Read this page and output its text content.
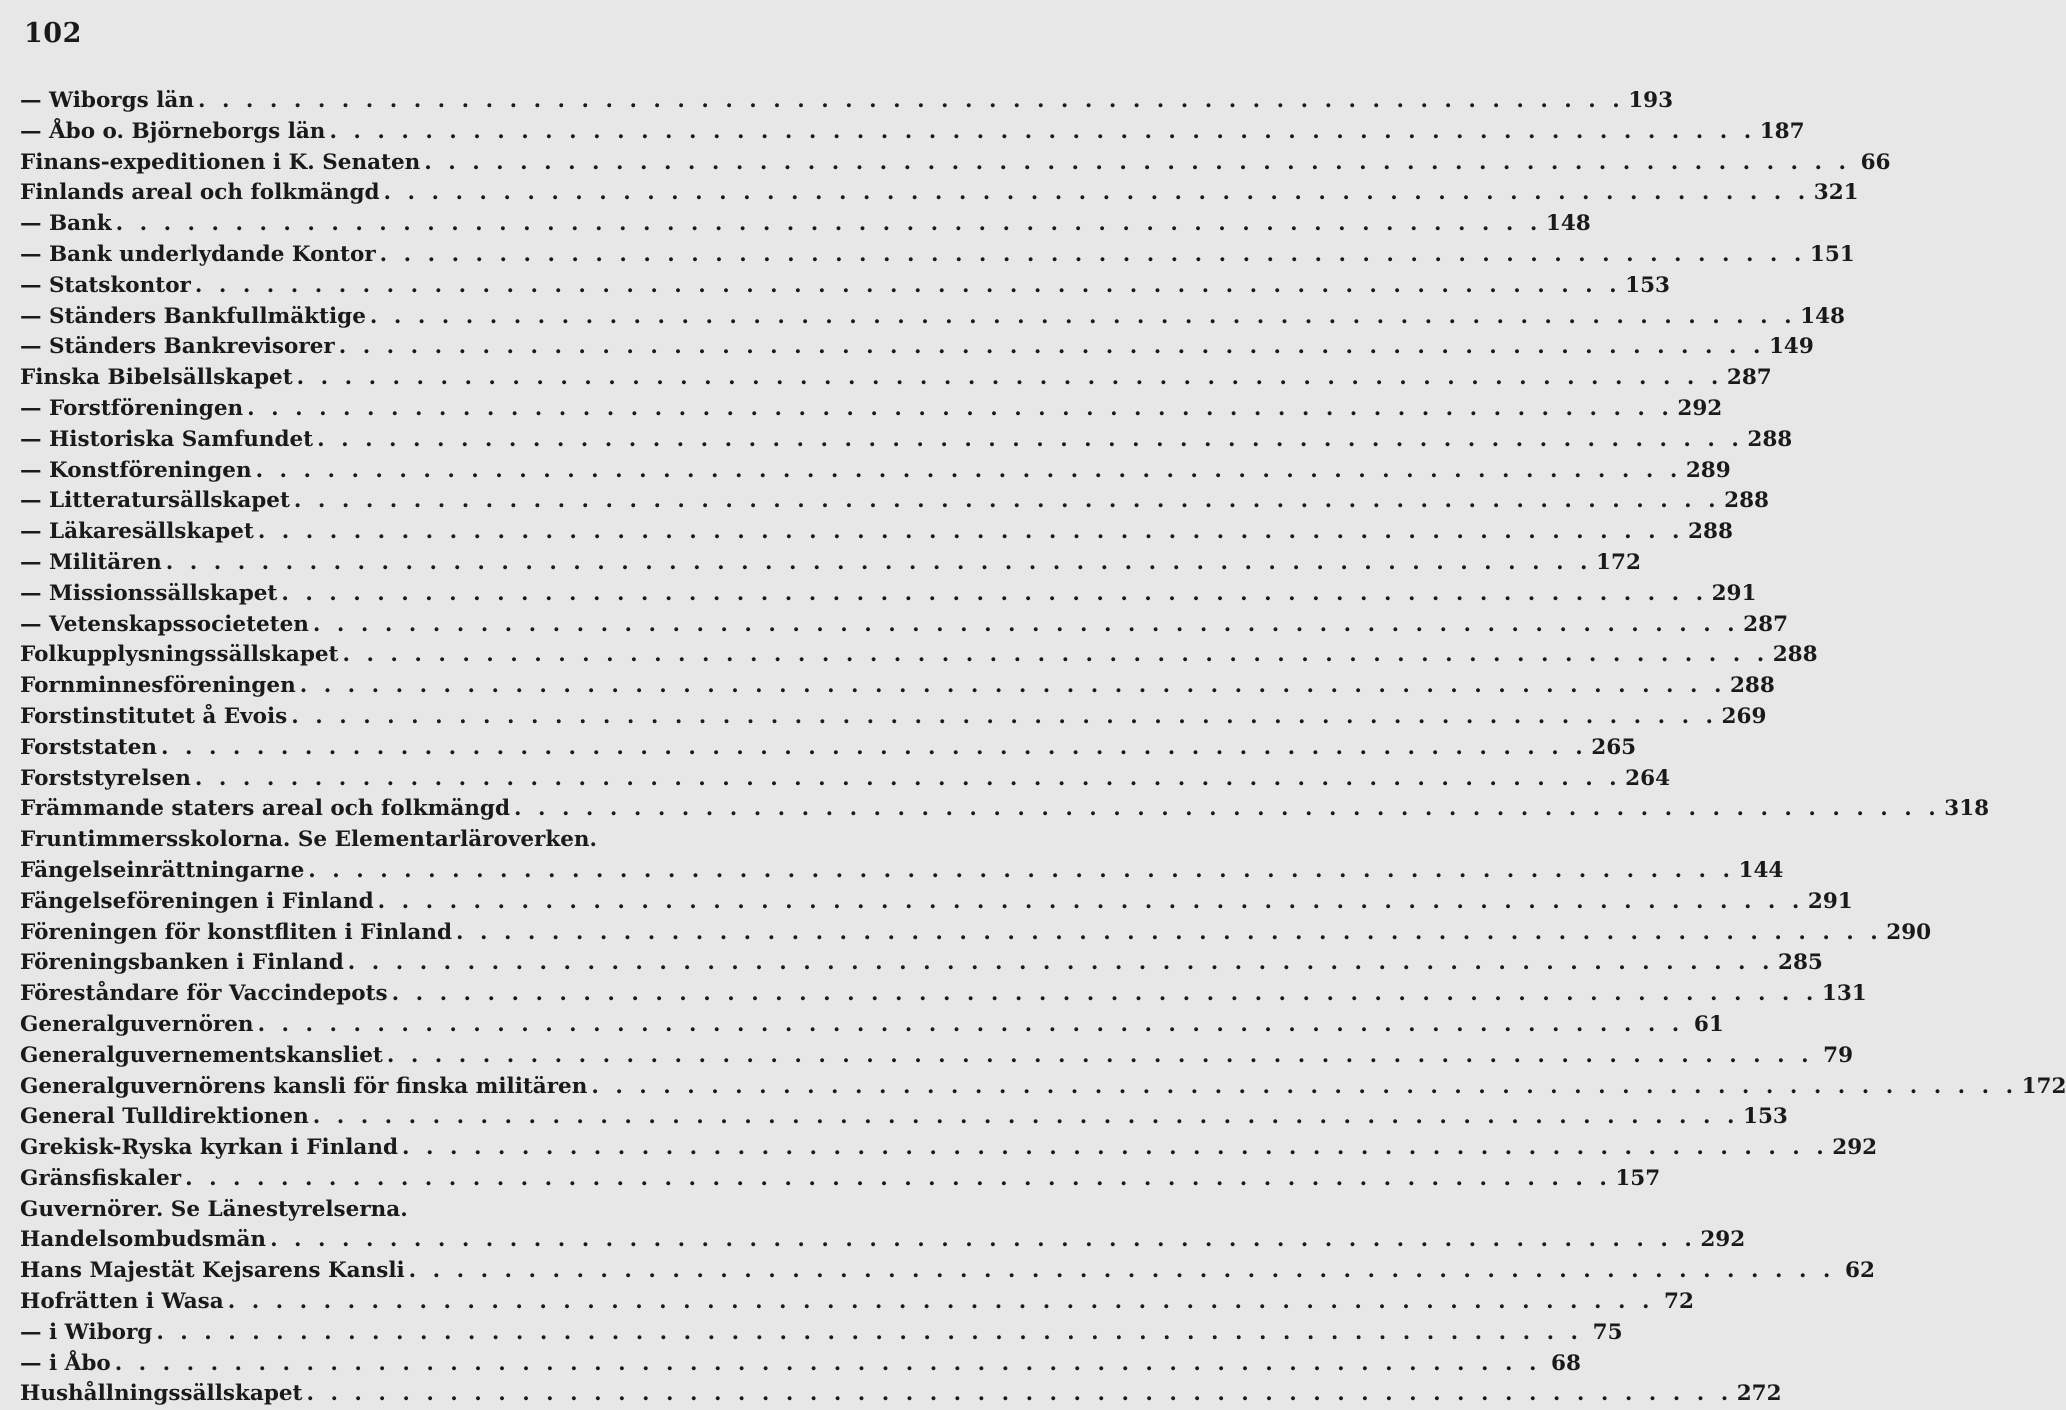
102
— Wiborgs län . . . . . . . . . . . . . . . . . . . . . . . . . . . . . . . . . . . . . . . . . . . . . . . . . . . . . . . . . . . . 193
— Åbo o. Björneborgs län . . . . . . . . . . . . . . . . . . . . . . . . . . . . . . . . . . . . . . . . . . . . . . . . . . . . . . . . . . . . 187
Finans-expeditionen i K. Senaten . . . . . . . . . . . . . . . . . . . . . . . . . . . . . . . . . . . . . . . . . . . . . . . . . . . . . . . . . . . . 66
Finlands areal och folkmängd . . . . . . . . . . . . . . . . . . . . . . . . . . . . . . . . . . . . . . . . . . . . . . . . . . . . . . . . . . . . 321
— Bank . . . . . . . . . . . . . . . . . . . . . . . . . . . . . . . . . . . . . . . . . . . . . . . . . . . . . . . . . . . . 148
— Bank underlydande Kontor . . . . . . . . . . . . . . . . . . . . . . . . . . . . . . . . . . . . . . . . . . . . . . . . . . . . . . . . . . . . 151
— Statskontor . . . . . . . . . . . . . . . . . . . . . . . . . . . . . . . . . . . . . . . . . . . . . . . . . . . . . . . . . . . . 153
— Ständers Bankfullmäktige . . . . . . . . . . . . . . . . . . . . . . . . . . . . . . . . . . . . . . . . . . . . . . . . . . . . . . . . . . . . 148
— Ständers Bankrevisorer . . . . . . . . . . . . . . . . . . . . . . . . . . . . . . . . . . . . . . . . . . . . . . . . . . . . . . . . . . . . 149
Finska Bibelsällskapet . . . . . . . . . . . . . . . . . . . . . . . . . . . . . . . . . . . . . . . . . . . . . . . . . . . . . . . . . . . . 287
— Forstföreningen . . . . . . . . . . . . . . . . . . . . . . . . . . . . . . . . . . . . . . . . . . . . . . . . . . . . . . . . . . . . 292
— Historiska Samfundet . . . . . . . . . . . . . . . . . . . . . . . . . . . . . . . . . . . . . . . . . . . . . . . . . . . . . . . . . . . . 288
— Konstföreningen . . . . . . . . . . . . . . . . . . . . . . . . . . . . . . . . . . . . . . . . . . . . . . . . . . . . . . . . . . . . 289
— Litteratursällskapet . . . . . . . . . . . . . . . . . . . . . . . . . . . . . . . . . . . . . . . . . . . . . . . . . . . . . . . . . . . . 288
— Läkaresällskapet . . . . . . . . . . . . . . . . . . . . . . . . . . . . . . . . . . . . . . . . . . . . . . . . . . . . . . . . . . . . 288
— Militären . . . . . . . . . . . . . . . . . . . . . . . . . . . . . . . . . . . . . . . . . . . . . . . . . . . . . . . . . . . . 172
— Missionssällskapet . . . . . . . . . . . . . . . . . . . . . . . . . . . . . . . . . . . . . . . . . . . . . . . . . . . . . . . . . . . . 291
— Vetenskapssocieteten . . . . . . . . . . . . . . . . . . . . . . . . . . . . . . . . . . . . . . . . . . . . . . . . . . . . . . . . . . . . 287
Folkupplysningssällskapet . . . . . . . . . . . . . . . . . . . . . . . . . . . . . . . . . . . . . . . . . . . . . . . . . . . . . . . . . . . . 288
Fornminnesföreningen . . . . . . . . . . . . . . . . . . . . . . . . . . . . . . . . . . . . . . . . . . . . . . . . . . . . . . . . . . . . 288
Forstinstitutet å Evois . . . . . . . . . . . . . . . . . . . . . . . . . . . . . . . . . . . . . . . . . . . . . . . . . . . . . . . . . . . . 269
Forststaten . . . . . . . . . . . . . . . . . . . . . . . . . . . . . . . . . . . . . . . . . . . . . . . . . . . . . . . . . . . . 265
Forststyrelsen . . . . . . . . . . . . . . . . . . . . . . . . . . . . . . . . . . . . . . . . . . . . . . . . . . . . . . . . . . . . 264
Främmande staters areal och folkmängd . . . . . . . . . . . . . . . . . . . . . . . . . . . . . . . . . . . . . . . . . . . . . . . . . . . . . . . . . . . . 318
Fruntimmersskolorna. Se Elementarläroverken.
Fängelseinrättningarne . . . . . . . . . . . . . . . . . . . . . . . . . . . . . . . . . . . . . . . . . . . . . . . . . . . . . . . . . . . . 144
Fängelseföreningen i Finland . . . . . . . . . . . . . . . . . . . . . . . . . . . . . . . . . . . . . . . . . . . . . . . . . . . . . . . . . . . . 291
Föreningen för konstfliten i Finland . . . . . . . . . . . . . . . . . . . . . . . . . . . . . . . . . . . . . . . . . . . . . . . . . . . . . . . . . . . . 290
Föreningsbanken i Finland . . . . . . . . . . . . . . . . . . . . . . . . . . . . . . . . . . . . . . . . . . . . . . . . . . . . . . . . . . . . 285
Föreståndare för Vaccindepots . . . . . . . . . . . . . . . . . . . . . . . . . . . . . . . . . . . . . . . . . . . . . . . . . . . . . . . . . . . . 131
Generalguvernören . . . . . . . . . . . . . . . . . . . . . . . . . . . . . . . . . . . . . . . . . . . . . . . . . . . . . . . . . . . . 61
Generalguvernementskansliet . . . . . . . . . . . . . . . . . . . . . . . . . . . . . . . . . . . . . . . . . . . . . . . . . . . . . . . . . . . . 79
Generalguvernörens kansli för finska militären . . . . . . . . . . . . . . . . . . . . . . . . . . . . . . . . . . . . . . . . . . . . . . . . . . . . . . . . . . . . 172
General Tulldirektionen . . . . . . . . . . . . . . . . . . . . . . . . . . . . . . . . . . . . . . . . . . . . . . . . . . . . . . . . . . . . 153
Grekisk-Ryska kyrkan i Finland . . . . . . . . . . . . . . . . . . . . . . . . . . . . . . . . . . . . . . . . . . . . . . . . . . . . . . . . . . . . 292
Gränsfiskaler . . . . . . . . . . . . . . . . . . . . . . . . . . . . . . . . . . . . . . . . . . . . . . . . . . . . . . . . . . . . 157
Guvernörer. Se Länestyrelserna.
Handelsombudsmän . . . . . . . . . . . . . . . . . . . . . . . . . . . . . . . . . . . . . . . . . . . . . . . . . . . . . . . . . . . . 292
Hans Majestät Kejsarens Kansli . . . . . . . . . . . . . . . . . . . . . . . . . . . . . . . . . . . . . . . . . . . . . . . . . . . . . . . . . . . . 62
Hofrätten i Wasa . . . . . . . . . . . . . . . . . . . . . . . . . . . . . . . . . . . . . . . . . . . . . . . . . . . . . . . . . . . . 72
— i Wiborg . . . . . . . . . . . . . . . . . . . . . . . . . . . . . . . . . . . . . . . . . . . . . . . . . . . . . . . . . . . . 75
— i Åbo . . . . . . . . . . . . . . . . . . . . . . . . . . . . . . . . . . . . . . . . . . . . . . . . . . . . . . . . . . . . 68
Hushållningssällskapet . . . . . . . . . . . . . . . . . . . . . . . . . . . . . . . . . . . . . . . . . . . . . . . . . . . . . . . . . . . . 272
